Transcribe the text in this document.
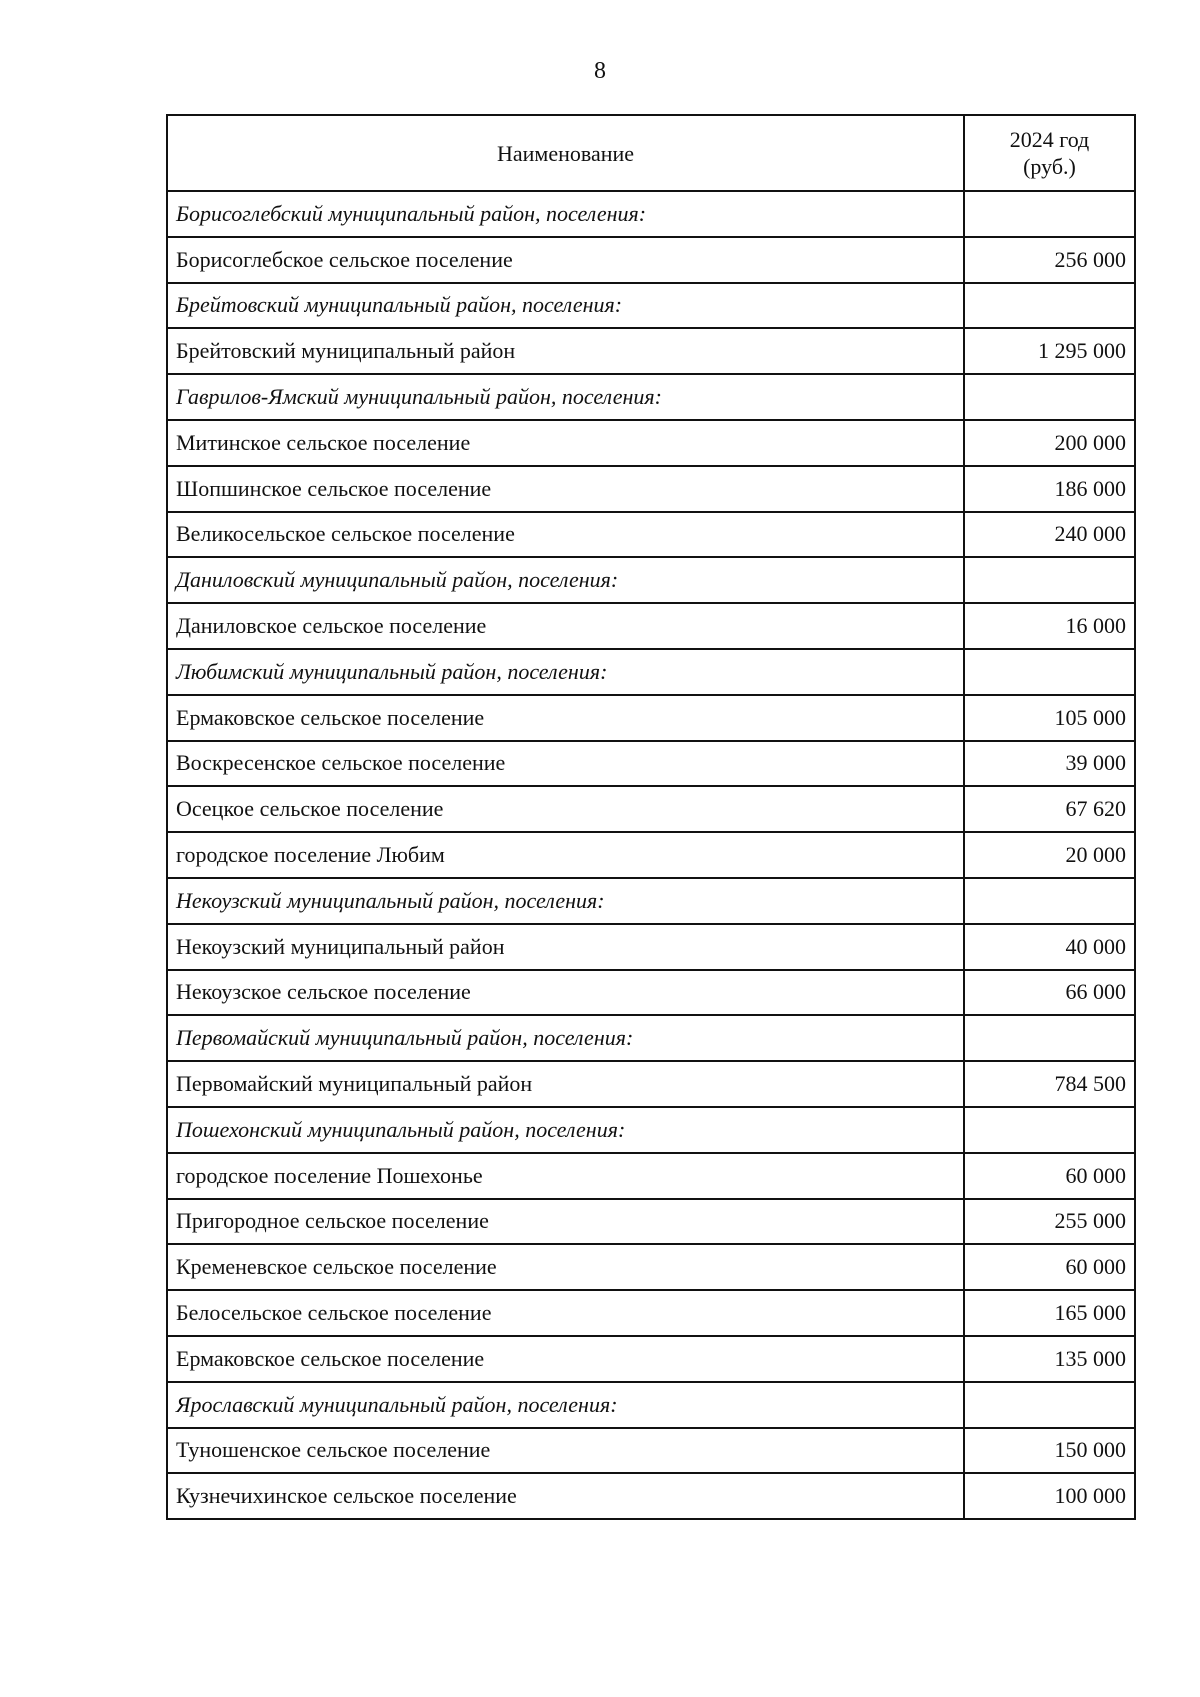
8
Наименование	2024 год
(руб.)

Борисоглебский муниципальный район, поселения:	
Борисоглебское сельское поселение	256 000
Брейтовский муниципальный район, поселения:	
Брейтовский муниципальный район	1 295 000
Гаврилов-Ямский муниципальный район, поселения:	
Митинское сельское поселение	200 000
Шопшинское сельское поселение	186 000
Великосельское сельское поселение	240 000
Даниловский муниципальный район, поселения:	
Даниловское сельское поселение	16 000
Любимский муниципальный район, поселения:	
Ермаковское сельское поселение	105 000
Воскресенское сельское поселение	39 000
Осецкое сельское поселение	67 620
городское поселение Любим	20 000
Некоузский муниципальный район, поселения:	
Некоузский муниципальный район	40 000
Некоузское сельское поселение	66 000
Первомайский муниципальный район, поселения:	
Первомайский муниципальный район	784 500
Пошехонский муниципальный район, поселения:	
городское поселение Пошехонье	60 000
Пригородное сельское поселение	255 000
Кременевское сельское поселение	60 000
Белосельское сельское поселение	165 000
Ермаковское сельское поселение	135 000
Ярославский муниципальный район, поселения:	
Туношенское сельское поселение	150 000
Кузнечихинское сельское поселение	100 000
